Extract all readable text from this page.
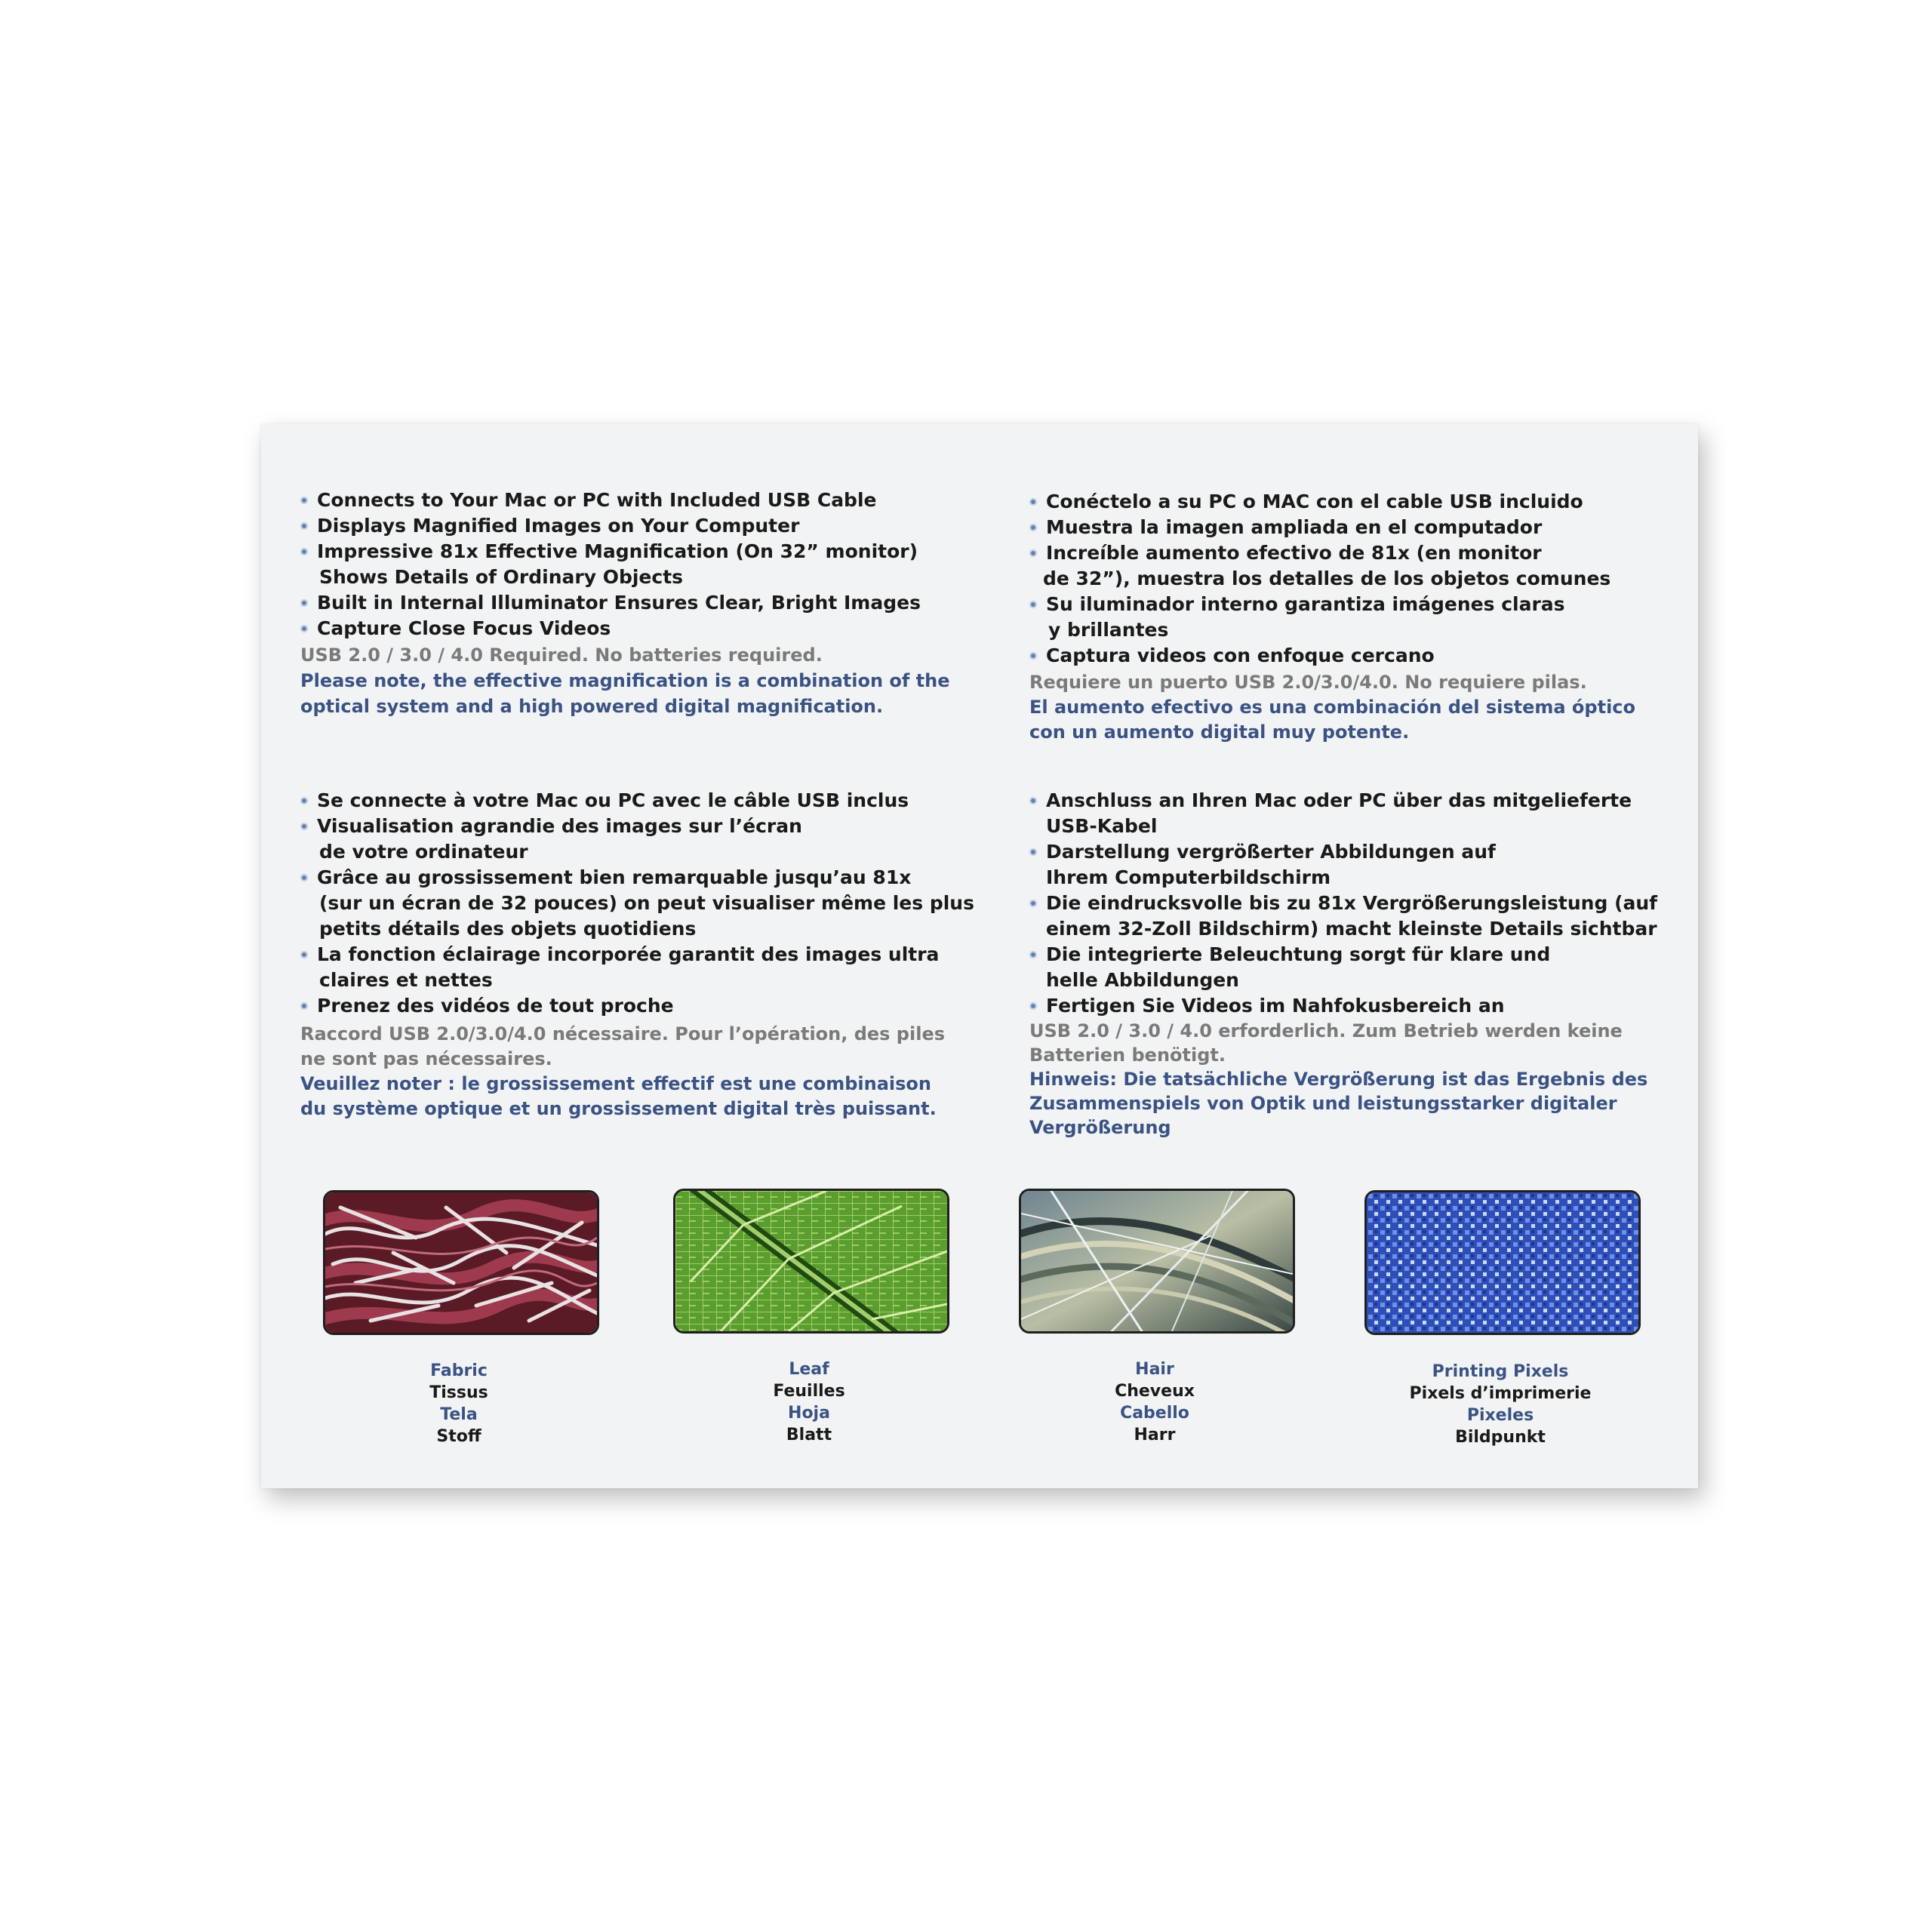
Connects to Your Mac or PC with Included USB Cable
Displays Magnified Images on Your Computer
Impressive 81x Effective Magnification (On 32” monitor)
Shows Details of Ordinary Objects
Built in Internal Illuminator Ensures Clear, Bright Images
Capture Close Focus Videos
USB 2.0 / 3.0 / 4.0 Required. No batteries required.
Please note, the effective magnification is a combination of the
optical system and a high powered digital magnification.
Conéctelo a su PC o MAC con el cable USB incluido
Muestra la imagen ampliada en el computador
Increíble aumento efectivo de 81x (en monitor
de 32”), muestra los detalles de los objetos comunes
Su iluminador interno garantiza imágenes claras
y brillantes
Captura videos con enfoque cercano
Requiere un puerto USB 2.0/3.0/4.0. No requiere pilas.
El aumento efectivo es una combinación del sistema óptico
con un aumento digital muy potente.
Se connecte à votre Mac ou PC avec le câble USB inclus
Visualisation agrandie des images sur l’écran
de votre ordinateur
Grâce au grossissement bien remarquable jusqu’au 81x
(sur un écran de 32 pouces) on peut visualiser même les plus
petits détails des objets quotidiens
La fonction éclairage incorporée garantit des images ultra
claires et nettes
Prenez des vidéos de tout proche
Raccord USB 2.0/3.0/4.0 nécessaire. Pour l’opération, des piles
ne sont pas nécessaires.
Veuillez noter : le grossissement effectif est une combinaison
du système optique et un grossissement digital très puissant.
Anschluss an Ihren Mac oder PC über das mitgelieferte
USB-Kabel
Darstellung vergrößerter Abbildungen auf
Ihrem Computerbildschirm
Die eindrucksvolle bis zu 81x Vergrößerungsleistung (auf
einem 32-Zoll Bildschirm) macht kleinste Details sichtbar
Die integrierte Beleuchtung sorgt für klare und
helle Abbildungen
Fertigen Sie Videos im Nahfokusbereich an
USB 2.0 / 3.0 / 4.0 erforderlich. Zum Betrieb werden keine
Batterien benötigt.
Hinweis: Die tatsächliche Vergrößerung ist das Ergebnis des
Zusammenspiels von Optik und leistungsstarker digitaler
Vergrößerung
Fabric
Tissus
Tela
Stoff
Leaf
Feuilles
Hoja
Blatt
Hair
Cheveux
Cabello
Harr
Printing Pixels
Pixels d’imprimerie
Pixeles
Bildpunkt
